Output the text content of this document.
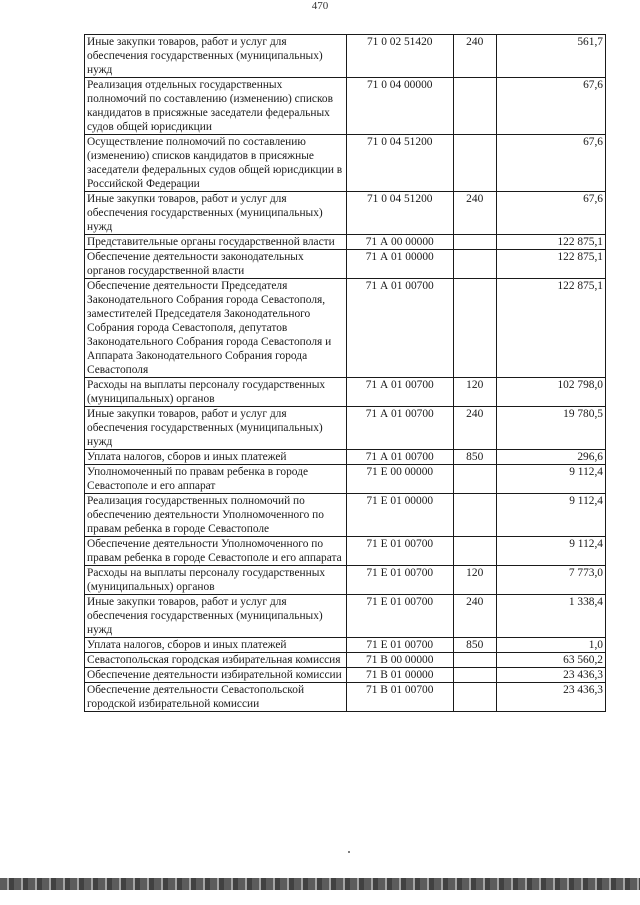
470
Иные закупки товаров, работ и услуг для обеспечения государственных (муниципальных) нужд	71 0 02 51420	240	561,7
Реализация отдельных государственных полномочий по составлению (изменению) списков кандидатов в присяжные заседатели федеральных судов общей юрисдикции	71 0 04 00000		67,6
Осуществление полномочий по составлению (изменению) списков кандидатов в присяжные заседатели федеральных судов общей юрисдикции в Российской Федерации	71 0 04 51200		67,6
Иные закупки товаров, работ и услуг для обеспечения государственных (муниципальных) нужд	71 0 04 51200	240	67,6
Представительные органы государственной власти	71 А 00 00000		122 875,1
Обеспечение деятельности законодательных органов государственной власти	71 А 01 00000		122 875,1
Обеспечение деятельности Председателя Законодательного Собрания города Севастополя, заместителей Председателя Законодательного Собрания города Севастополя, депутатов Законодательного Собрания города Севастополя и Аппарата Законодательного Собрания города Севастополя	71 А 01 00700		122 875,1
Расходы на выплаты персоналу государственных (муниципальных) органов	71 А 01 00700	120	102 798,0
Иные закупки товаров, работ и услуг для обеспечения государственных (муниципальных) нужд	71 А 01 00700	240	19 780,5
Уплата налогов, сборов и иных платежей	71 А 01 00700	850	296,6
Уполномоченный по правам ребенка в городе Севастополе и его аппарат	71 Е 00 00000		9 112,4
Реализация государственных полномочий по обеспечению деятельности Уполномоченного по правам ребенка в городе Севастополе	71 Е 01 00000		9 112,4
Обеспечение деятельности Уполномоченного по правам ребенка в городе Севастополе и его аппарата	71 Е 01 00700		9 112,4
Расходы на выплаты персоналу государственных (муниципальных) органов	71 Е 01 00700	120	7 773,0
Иные закупки товаров, работ и услуг для обеспечения государственных (муниципальных) нужд	71 Е 01 00700	240	1 338,4
Уплата налогов, сборов и иных платежей	71 Е 01 00700	850	1,0
Севастопольская городская избирательная комиссия	71 В 00 00000		63 560,2
Обеспечение деятельности избирательной комиссии	71 В 01 00000		23 436,3
Обеспечение деятельности Севастопольской городской избирательной комиссии	71 В 01 00700		23 436,3
